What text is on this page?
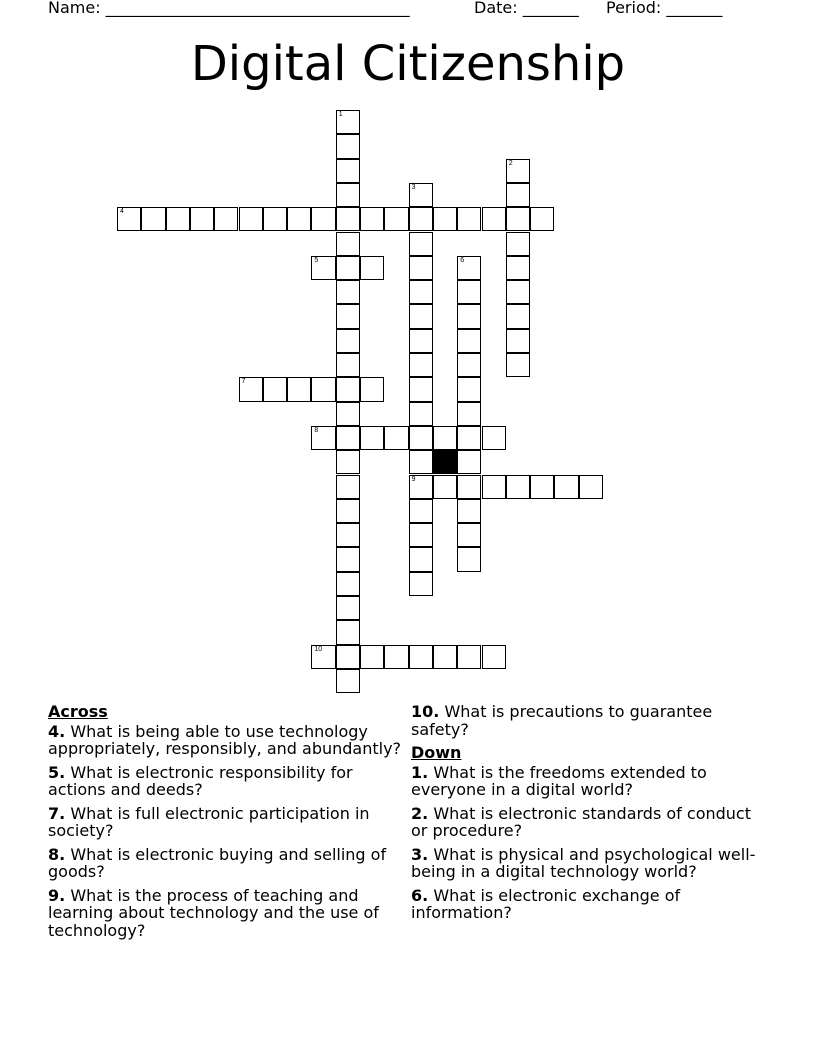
Name: ______________________________________	Date: _______ Period: _______
Digital Citizenship
1
2
3
9
4
5	6
7
8
10
Across
4. What is being able to use technology appropriately, responsibly, and abundantly?
5. What is electronic responsibility for actions and deeds?
7. What is full electronic participation in society?
8. What is electronic buying and selling of goods?
9. What is the process of teaching and learning about technology and the use of technology?
10. What is precautions to guarantee safety?
Down
1. What is the freedoms extended to everyone in a digital world?
2. What is electronic standards of conduct or procedure?
3. What is physical and psychological well-being in a digital technology world?
6. What is electronic exchange of information?
